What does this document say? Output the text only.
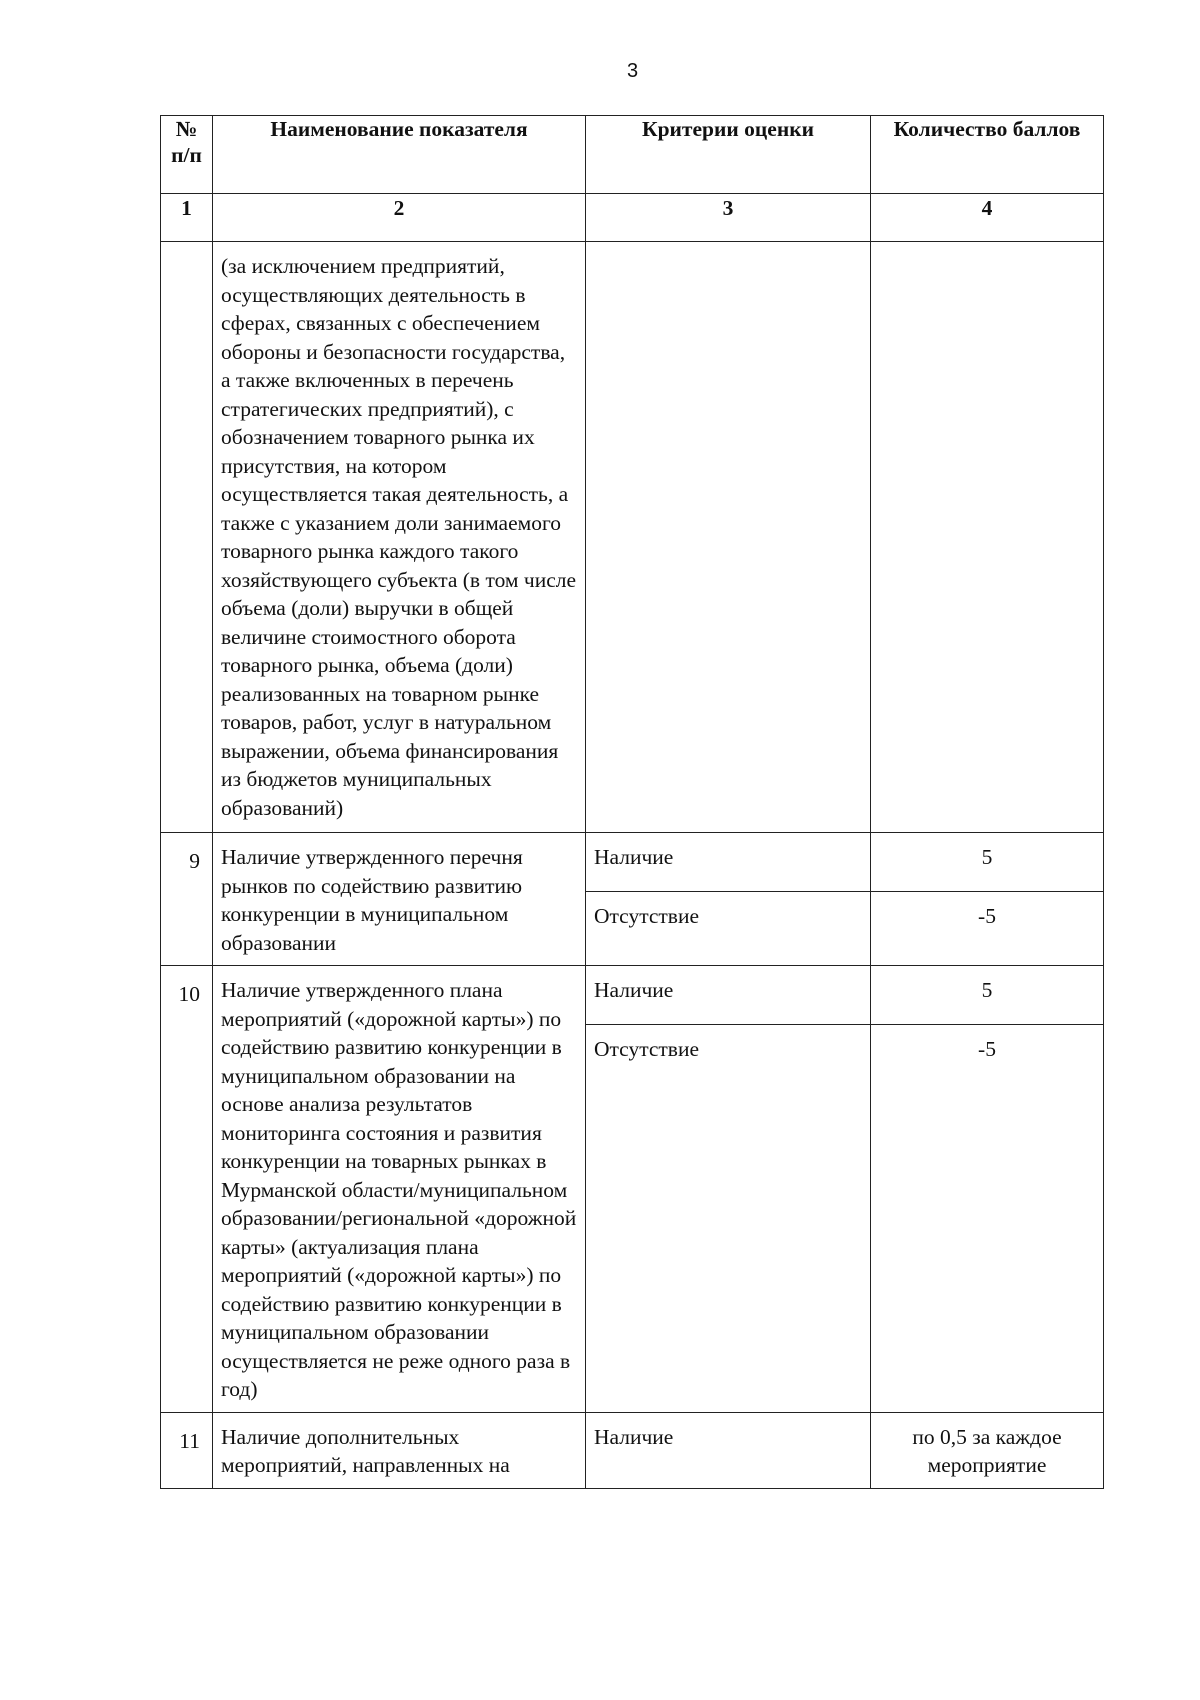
3
№
п/п	Наименование показателя	Критерии оценки	Количество баллов
1	2	3	4
	(за исключением предприятий, осуществляющих деятельность в сферах, связанных с обеспечением обороны и безопасности государства, а также включенных в перечень стратегических предприятий), с обозначением товарного рынка их присутствия, на котором осуществляется такая деятельность, а также с указанием доли занимаемого товарного рынка каждого такого хозяйствующего субъекта (в том числе объема (доли) выручки в общей величине стоимостного оборота товарного рынка, объема (доли) реализованных на товарном рынке товаров, работ, услуг в натуральном выражении, объема финансирования из бюджетов муниципальных образований)		
9	Наличие утвержденного перечня рынков по содействию развитию конкуренции в муниципальном образовании	Наличие	5
		Отсутствие	-5
10	Наличие утвержденного плана мероприятий («дорожной карты») по содействию развитию конкуренции в муниципальном образовании на основе анализа результатов мониторинга состояния и развития конкуренции на товарных рынках в Мурманской области/муниципальном образовании/региональной «дорожной карты» (актуализация плана мероприятий («дорожной карты») по содействию развитию конкуренции в муниципальном образовании осуществляется не реже одного раза в год)	Наличие	5
		Отсутствие	-5
11	Наличие дополнительных мероприятий, направленных на	Наличие	по 0,5 за каждое мероприятие
